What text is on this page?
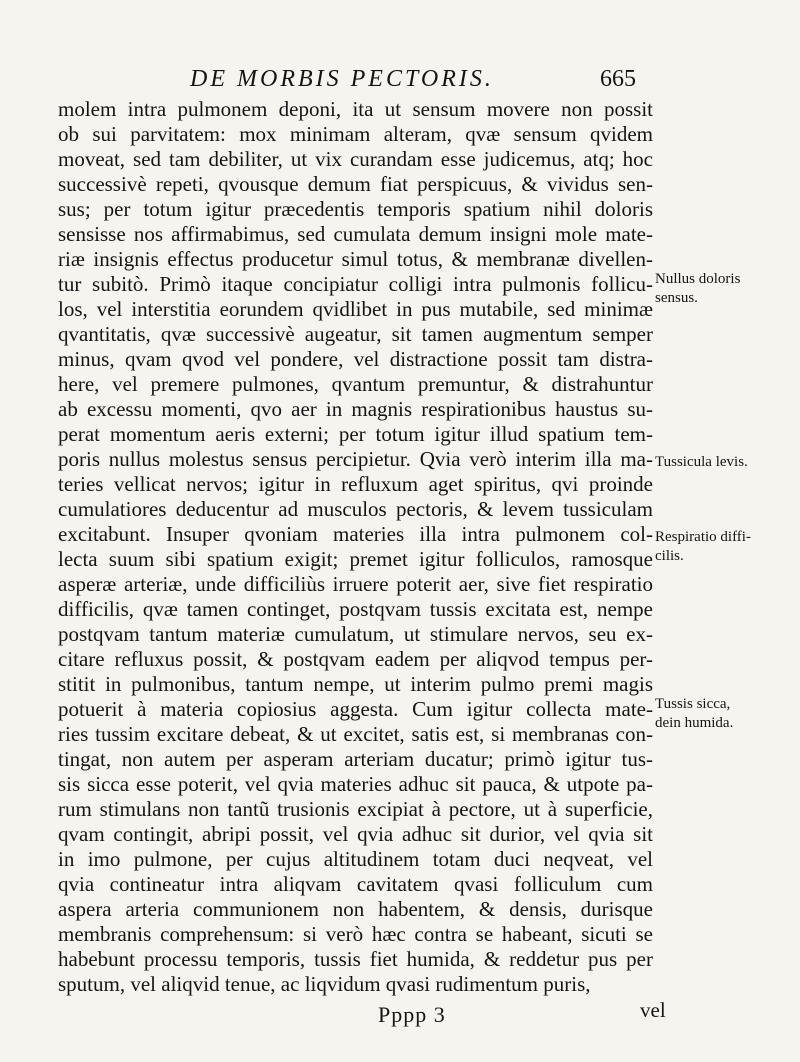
DE MORBIS PECTORIS.	665
molem intra pulmonem deponi, ita ut sensum movere non possit
ob sui parvitatem: mox minimam alteram, qvæ sensum qvidem
moveat, sed tam debiliter, ut vix curandam esse judicemus, atq; hoc
successivè repeti, qvousque demum fiat perspicuus, & vividus sen-
sus; per totum igitur præcedentis temporis spatium nihil doloris
sensisse nos affirmabimus, sed cumulata demum insigni mole mate-
riæ insignis effectus producetur simul totus, & membranæ divellen-
tur subitò. Primò itaque concipiatur colligi intra pulmonis follicu-
los, vel interstitia eorundem qvidlibet in pus mutabile, sed minimæ
qvantitatis, qvæ successivè augeatur, sit tamen augmentum semper
minus, qvam qvod vel pondere, vel distractione possit tam distra-
here, vel premere pulmones, qvantum premuntur, & distrahuntur
ab excessu momenti, qvo aer in magnis respirationibus haustus su-
perat momentum aeris externi; per totum igitur illud spatium tem-
poris nullus molestus sensus percipietur. Qvia verò interim illa ma-
teries vellicat nervos; igitur in refluxum aget spiritus, qvi proinde
cumulatiores deducentur ad musculos pectoris, & levem tussiculam
excitabunt. Insuper qvoniam materies illa intra pulmonem col-
lecta suum sibi spatium exigit; premet igitur folliculos, ramosque
asperæ arteriæ, unde difficiliùs irruere poterit aer, sive fiet respiratio
difficilis, qvæ tamen continget, postqvam tussis excitata est, nempe
postqvam tantum materiæ cumulatum, ut stimulare nervos, seu ex-
citare refluxus possit, & postqvam eadem per aliqvod tempus per-
stitit in pulmonibus, tantum nempe, ut interim pulmo premi magis
potuerit à materia copiosius aggesta. Cum igitur collecta mate-
ries tussim excitare debeat, & ut excitet, satis est, si membranas con-
tingat, non autem per asperam arteriam ducatur; primò igitur tus-
sis sicca esse poterit, vel qvia materies adhuc sit pauca, & utpote pa-
rum stimulans non tantũ trusionis excipiat à pectore, ut à superficie,
qvam contingit, abripi possit, vel qvia adhuc sit durior, vel qvia sit
in imo pulmone, per cujus altitudinem totam duci neqveat, vel
qvia contineatur intra aliqvam cavitatem qvasi folliculum cum
aspera arteria communionem non habentem, & densis, durisque
membranis comprehensum: si verò hæc contra se habeant, sicuti se
habebunt processu temporis, tussis fiet humida, & reddetur pus per
sputum, vel aliqvid tenue, ac liqvidum qvasi rudimentum puris,
Nullus doloris
sensus.
Tussicula levis.
Respiratio diffi-
cilis.
Tussis sicca,
dein humida.
Pppp 3	vel
